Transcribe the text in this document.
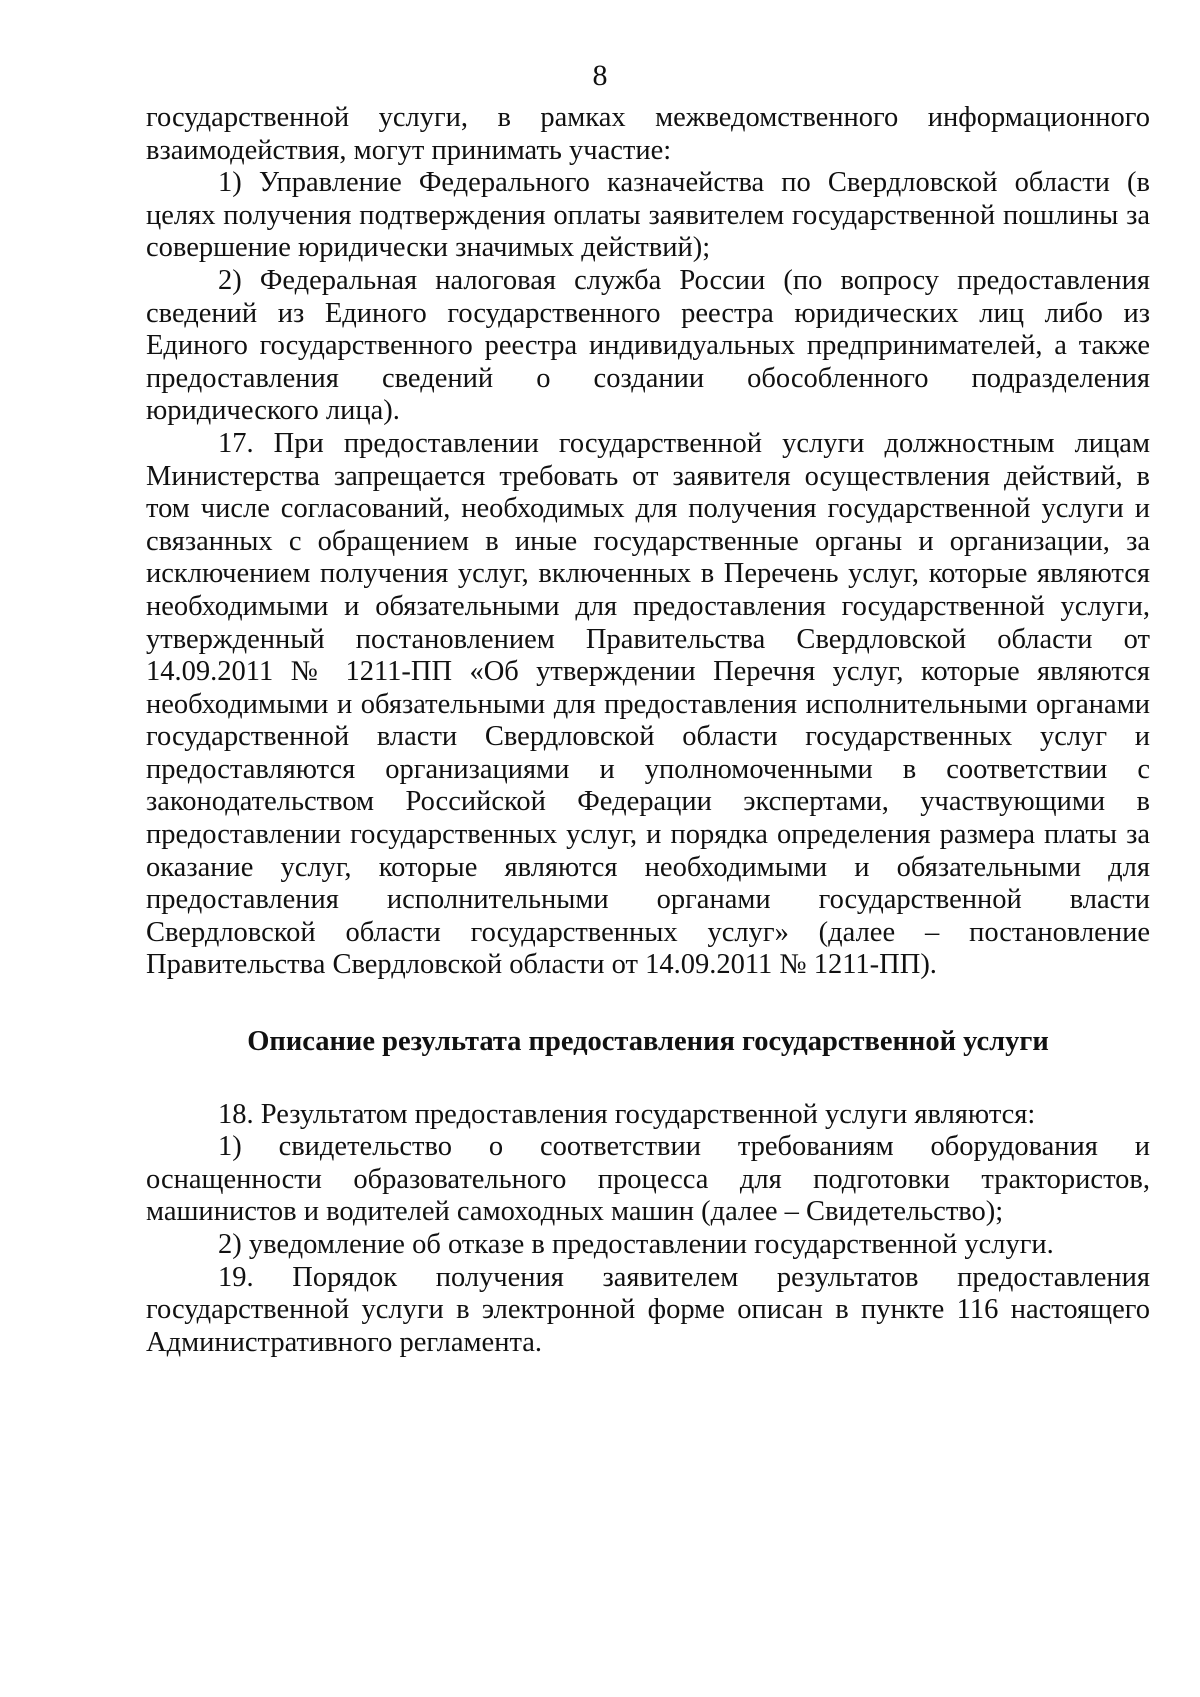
8

государственной услуги, в рамках межведомственного информационного взаимодействия, могут принимать участие:

1) Управление Федерального казначейства по Свердловской области (в целях получения подтверждения оплаты заявителем государственной пошлины за совершение юридически значимых действий);

2) Федеральная налоговая служба России (по вопросу предоставления сведений из Единого государственного реестра юридических лиц либо из Единого государственного реестра индивидуальных предпринимателей, а также предоставления сведений о создании обособленного подразделения юридического лица).

17. При предоставлении государственной услуги должностным лицам Министерства запрещается требовать от заявителя осуществления действий, в том числе согласований, необходимых для получения государственной услуги и связанных с обращением в иные государственные органы и организации, за исключением получения услуг, включенных в Перечень услуг, которые являются необходимыми и обязательными для предоставления государственной услуги, утвержденный постановлением Правительства Свердловской области от 14.09.2011 № 1211-ПП «Об утверждении Перечня услуг, которые являются необходимыми и обязательными для предоставления исполнительными органами государственной власти Свердловской области государственных услуг и предоставляются организациями и уполномоченными в соответствии с законодательством Российской Федерации экспертами, участвующими в предоставлении государственных услуг, и порядка определения размера платы за оказание услуг, которые являются необходимыми и обязательными для предоставления исполнительными органами государственной власти Свердловской области государственных услуг» (далее – постановление Правительства Свердловской области от 14.09.2011 № 1211-ПП).

Описание результата предоставления государственной услуги

18. Результатом предоставления государственной услуги являются:

1) свидетельство о соответствии требованиям оборудования и оснащенности образовательного процесса для подготовки трактористов, машинистов и водителей самоходных машин (далее – Свидетельство);

2) уведомление об отказе в предоставлении государственной услуги.

19. Порядок получения заявителем результатов предоставления государственной услуги в электронной форме описан в пункте 116 настоящего Административного регламента.
